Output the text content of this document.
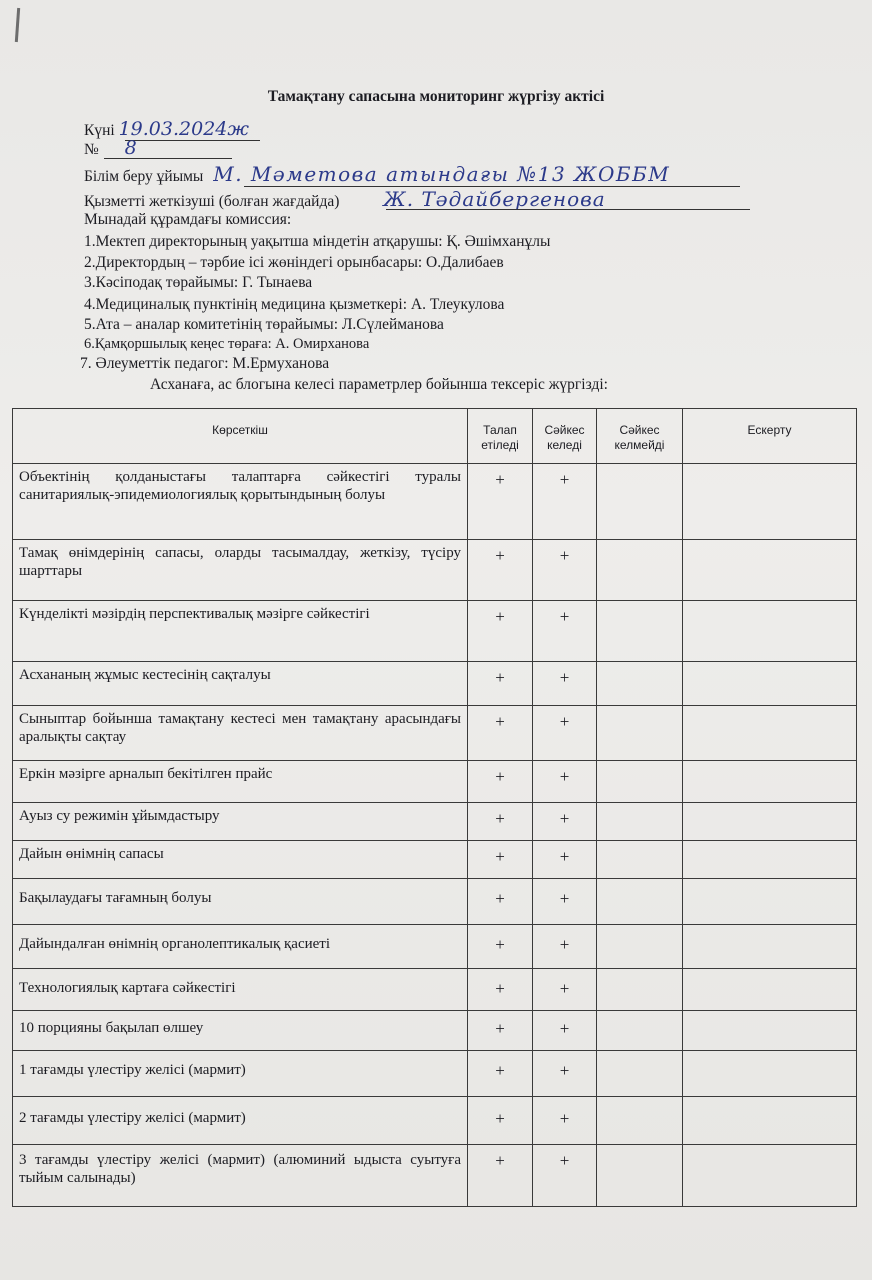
Тамақтану сапасына мониторинг жүргізу актісі
Күні 19.03.2024ж
№ 8
Білім беру ұйымы М. Мәметова атындағы №13 ЖОББМ
Қызметті жеткізуші (болған жағдайда) Ж. Тәдайбергенова
Мынадай құрамдағы комиссия:
1.Мектеп директорының уақытша міндетін атқарушы: Қ. Әшімханұлы
2.Директордың – тәрбие ісі жөніндегі орынбасары: О.Далибаев
3.Кәсіподақ төрайымы: Г. Тынаева
4.Медициналық пунктінің медицина қызметкері: А. Тлеукулова
5.Ата – аналар комитетінің төрайымы: Л.Сүлейманова
6.Қамқоршылық кеңес төраға: А. Омирханова
7. Әлеуметтік педагог: М.Ермуханова
Асханаға, ас блогына келесі параметрлер бойынша тексеріс жүргізді:
Көрсеткіш	Талап етіледі	Сәйкес келеді	Сәйкес келмейді	Ескерту
Объектінің қолданыстағы талаптарға сәйкестігі туралы санитариялық-эпидемиологиялық қорытындының болуы	+	+		
Тамақ өнімдерінің сапасы, оларды тасымалдау, жеткізу, түсіру шарттары	+	+		
Күнделікті мәзірдің перспективалық мәзірге сәйкестігі	+	+		
Асхананың жұмыс кестесінің сақталуы	+	+		
Сыныптар бойынша тамақтану кестесі мен тамақтану арасындағы аралықты сақтау	+	+		
Еркін мәзірге арналып бекітілген прайс	+	+		
Ауыз су режимін ұйымдастыру	+	+		
Дайын өнімнің сапасы	+	+		
Бақылаудағы тағамның болуы	+	+		
Дайындалған өнімнің органолептикалық қасиеті	+	+		
Технологиялық картаға сәйкестігі	+	+		
10 порцияны бақылап өлшеу	+	+		
1 тағамды үлестіру желісі (мармит)	+	+		
2 тағамды үлестіру желісі (мармит)	+	+		
3 тағамды үлестіру желісі (мармит) (алюминий ыдыста суытуға тыйым салынады)	+	+		
